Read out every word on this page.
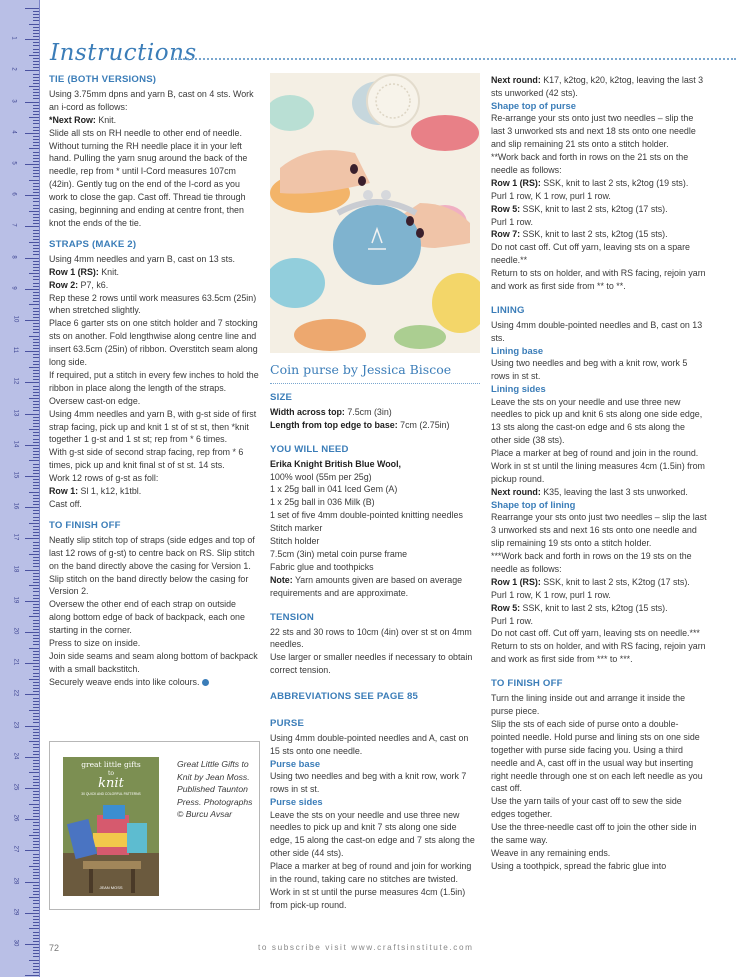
1
2
3
4
5
6
7
8
9
10
11
12
13
14
15
16
17
18
19
20
21
22
23
24
25
26
27
28
29
30
Instructions
TIE (BOTH VERSIONS)

Using 3.75mm dpns and yarn B, cast on 4 sts. Work an i-cord as follows:

*Next Row: Knit.

Slide all sts on RH needle to other end of needle. Without turning the RH needle place it in your left hand. Pulling the yarn snug around the back of the needle, rep from * until I-Cord measures 107cm (42in). Gently tug on the end of the I-cord as you work to close the gap. Cast off. Thread tie through casing, beginning and ending at centre front, then knot the ends of the tie.

STRAPS (MAKE 2)

Using 4mm needles and yarn B, cast on 13 sts.

Row 1 (RS): Knit.

Row 2: P7, k6.

Rep these 2 rows until work measures 63.5cm (25in) when stretched slightly.

Place 6 garter sts on one stitch holder and 7 stocking sts on another. Fold lengthwise along centre line and insert 63.5cm (25in) of ribbon. Overstitch seam along long side.

If required, put a stitch in every few inches to hold the ribbon in place along the length of the straps. Oversew cast-on edge.

Using 4mm needles and yarn B, with g-st side of first strap facing, pick up and knit 1 st of st st, then *knit together 1 g-st and 1 st st; rep from * 6 times.

With g-st side of second strap facing, rep from * 6 times, pick up and knit final st of st st. 14 sts.

Work 12 rows of g-st as foll:

Row 1: Sl 1, k12, k1tbl.

Cast off.

TO FINISH OFF

Neatly slip stitch top of straps (side edges and top of last 12 rows of g-st) to centre back on RS. Slip stitch on the band directly above the casing for Version 1. Slip stitch on the band directly below the casing for Version 2.

Oversew the other end of each strap on outside along bottom edge of back of backpack, each one starting in the corner.

Press to size on inside.

Join side seams and seam along bottom of backpack with a small backstitch.

Securely weave ends into like colours.

great little gifts
to
knit
30 QUICK AND COLORFUL PATTERNS
JEAN MOSS
Great Little Gifts to Knit by Jean Moss. Published Taunton Press. Photographs © Burcu Avsar
Coin purse by Jessica Biscoe
SIZE

Width across top: 7.5cm (3in)

Length from top edge to base: 7cm (2.75in)

YOU WILL NEED

Erika Knight British Blue Wool,

100% wool (55m per 25g)

1 x 25g ball in 041 Iced Gem (A)

1 x 25g ball in 036 Milk (B)

1 set of five 4mm double-pointed knitting needles

Stitch marker

Stitch holder

7.5cm (3in) metal coin purse frame

Fabric glue and toothpicks

Note: Yarn amounts given are based on average requirements and are approximate.

TENSION

22 sts and 30 rows to 10cm (4in) over st st on 4mm needles.

Use larger or smaller needles if necessary to obtain correct tension.

ABBREVIATIONS SEE PAGE 85
PURSE

Using 4mm double-pointed needles and A, cast on 15 sts onto one needle.

Purse base

Using two needles and beg with a knit row, work 7 rows in st st.

Purse sides

Leave the sts on your needle and use three new needles to pick up and knit 7 sts along one side edge, 15 along the cast-on edge and 7 sts along the other side (44 sts).

Place a marker at beg of round and join for working in the round, taking care no stitches are twisted.

Work in st st until the purse measures 4cm (1.5in) from pick-up round.

Next round: K17, k2tog, k20, k2tog, leaving the last 3 sts unworked (42 sts).

Shape top of purse

Re-arrange your sts onto just two needles – slip the last 3 unworked sts and next 18 sts onto one needle and slip remaining 21 sts onto a stitch holder.

**Work back and forth in rows on the 21 sts on the needle as follows:

Row 1 (RS): SSK, knit to last 2 sts, k2tog (19 sts).

Purl 1 row, K 1 row, purl 1 row.

Row 5: SSK, knit to last 2 sts, k2tog (17 sts).

Purl 1 row.

Row 7: SSK, knit to last 2 sts, k2tog (15 sts).

Do not cast off. Cut off yarn, leaving sts on a spare needle.**

Return to sts on holder, and with RS facing, rejoin yarn and work as first side from ** to **.

LINING

Using 4mm double-pointed needles and B, cast on 13 sts.

Lining base

Using two needles and beg with a knit row, work 5 rows in st st.

Lining sides

Leave the sts on your needle and use three new needles to pick up and knit 6 sts along one side edge, 13 sts along the cast-on edge and 6 sts along the other side (38 sts).

Place a marker at beg of round and join in the round. Work in st st until the lining measures 4cm (1.5in) from pickup round.

Next round: K35, leaving the last 3 sts unworked.

Shape top of lining

Rearrange your sts onto just two needles – slip the last 3 unworked sts and next 16 sts onto one needle and slip remaining 19 sts onto a stitch holder.

***Work back and forth in rows on the 19 sts on the needle as follows:

Row 1 (RS): SSK, knit to last 2 sts, K2tog (17 sts).

Purl 1 row, K 1 row, purl 1 row.

Row 5: SSK, knit to last 2 sts, k2tog (15 sts).

Purl 1 row.

Do not cast off. Cut off yarn, leaving sts on needle.***

Return to sts on holder, and with RS facing, rejoin yarn and work as first side from *** to ***.

TO FINISH OFF

Turn the lining inside out and arrange it inside the purse piece.

Slip the sts of each side of purse onto a double-pointed needle. Hold purse and lining sts on one side together with purse side facing you. Using a third needle and A, cast off in the usual way but inserting right needle through one st on each left needle as you cast off.

Use the yarn tails of your cast off to sew the side edges together.

Use the three-needle cast off to join the other side in the same way.

Weave in any remaining ends.

Using a toothpick, spread the fabric glue into

72	to subscribe visit www.craftsinstitute.com
